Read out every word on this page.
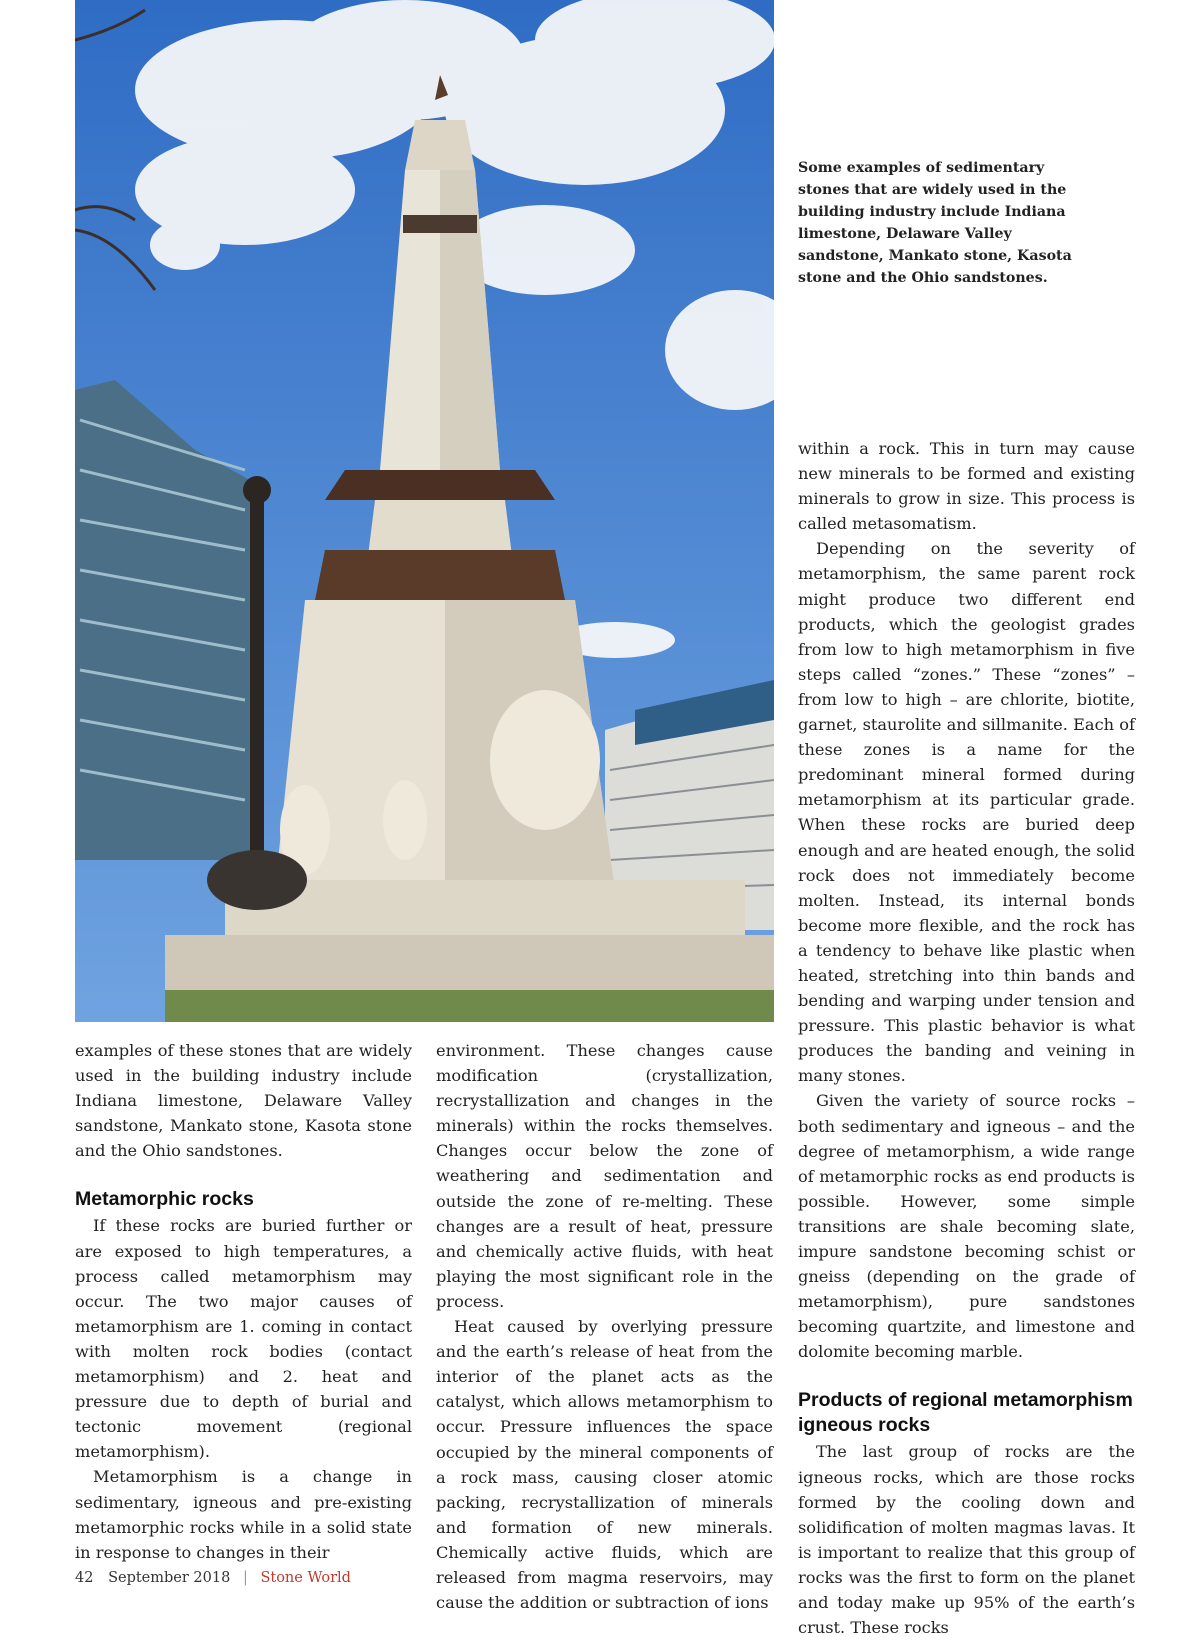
Some examples of sedimentary stones that are widely used in the building industry include Indiana limestone, Delaware Valley sandstone, Mankato stone, Kasota stone and the Ohio sandstones.

examples of these stones that are widely used in the building industry include Indiana limestone, Delaware Valley sandstone, Mankato stone, Kasota stone and the Ohio sandstones.

Metamorphic rocks

If these rocks are buried further or are exposed to high temperatures, a process called metamorphism may occur. The two major causes of metamorphism are 1. coming in contact with molten rock bodies (contact metamorphism) and 2. heat and pressure due to depth of burial and tectonic movement (regional metamorphism).

Metamorphism is a change in sedimentary, igneous and pre-existing metamorphic rocks while in a solid state in response to changes in their

environment. These changes cause modification (crystallization, recrystallization and changes in the minerals) within the rocks themselves. Changes occur below the zone of weathering and sedimentation and outside the zone of re-melting. These changes are a result of heat, pressure and chemically active fluids, with heat playing the most significant role in the process.

Heat caused by overlying pressure and the earth’s release of heat from the interior of the planet acts as the catalyst, which allows metamorphism to occur. Pressure influences the space occupied by the mineral components of a rock mass, causing closer atomic packing, recrystallization of minerals and formation of new minerals. Chemically active fluids, which are released from magma reservoirs, may cause the addition or subtraction of ions

within a rock. This in turn may cause new minerals to be formed and existing minerals to grow in size. This process is called metasomatism.

Depending on the severity of metamorphism, the same parent rock might produce two different end products, which the geologist grades from low to high metamorphism in five steps called “zones.” These “zones” – from low to high – are chlorite, biotite, garnet, staurolite and sillmanite. Each of these zones is a name for the predominant mineral formed during metamorphism at its particular grade. When these rocks are buried deep enough and are heated enough, the solid rock does not immediately become molten. Instead, its internal bonds become more flexible, and the rock has a tendency to behave like plastic when heated, stretching into thin bands and bending and warping under tension and pressure. This plastic behavior is what produces the banding and veining in many stones.

Given the variety of source rocks – both sedimentary and igneous – and the degree of metamorphism, a wide range of metamorphic rocks as end products is possible. However, some simple transitions are shale becoming slate, impure sandstone becoming schist or gneiss (depending on the grade of metamorphism), pure sandstones becoming quartzite, and limestone and dolomite becoming marble.

Products of regional metamorphism igneous rocks

The last group of rocks are the igneous rocks, which are those rocks formed by the cooling down and solidification of molten magmas lavas. It is important to realize that this group of rocks was the first to form on the planet and today make up 95% of the earth’s crust. These rocks

42 September 2018 | Stone World
